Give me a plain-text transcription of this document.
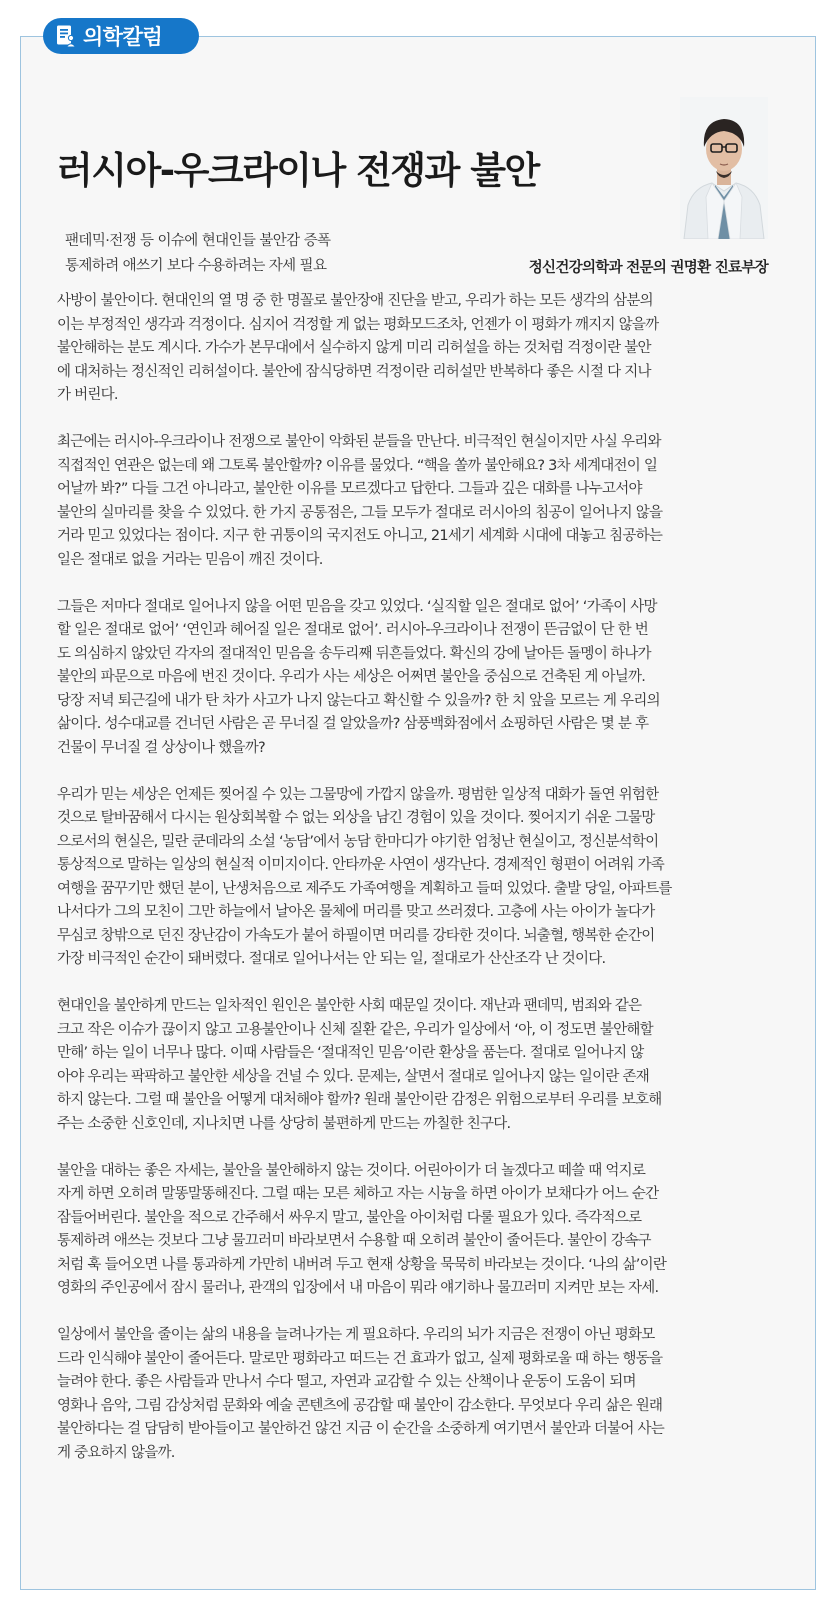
의학칼럼
러시아-우크라이나 전쟁과 불안
팬데믹·전쟁 등 이슈에 현대인들 불안감 증폭
통제하려 애쓰기 보다 수용하려는 자세 필요	정신건강의학과 전문의 권명환 진료부장

사방이 불안이다. 현대인의 열 명 중 한 명꼴로 불안장애 진단을 받고, 우리가 하는 모든 생각의 삼분의
이는 부정적인 생각과 걱정이다. 심지어 걱정할 게 없는 평화모드조차, 언젠가 이 평화가 깨지지 않을까
불안해하는 분도 계시다. 가수가 본무대에서 실수하지 않게 미리 리허설을 하는 것처럼 걱정이란 불안
에 대처하는 정신적인 리허설이다. 불안에 잠식당하면 걱정이란 리허설만 반복하다 좋은 시절 다 지나
가 버린다.

최근에는 러시아-우크라이나 전쟁으로 불안이 악화된 분들을 만난다. 비극적인 현실이지만 사실 우리와
직접적인 연관은 없는데 왜 그토록 불안할까? 이유를 물었다. “핵을 쏠까 불안해요? 3차 세계대전이 일
어날까 봐?” 다들 그건 아니라고, 불안한 이유를 모르겠다고 답한다. 그들과 깊은 대화를 나누고서야
불안의 실마리를 찾을 수 있었다. 한 가지 공통점은, 그들 모두가 절대로 러시아의 침공이 일어나지 않을
거라 믿고 있었다는 점이다. 지구 한 귀퉁이의 국지전도 아니고, 21세기 세계화 시대에 대놓고 침공하는
일은 절대로 없을 거라는 믿음이 깨진 것이다.

그들은 저마다 절대로 일어나지 않을 어떤 믿음을 갖고 있었다. ‘실직할 일은 절대로 없어’ ‘가족이 사망
할 일은 절대로 없어’ ‘연인과 헤어질 일은 절대로 없어’. 러시아-우크라이나 전쟁이 뜬금없이 단 한 번
도 의심하지 않았던 각자의 절대적인 믿음을 송두리째 뒤흔들었다. 확신의 강에 날아든 돌멩이 하나가
불안의 파문으로 마음에 번진 것이다. 우리가 사는 세상은 어쩌면 불안을 중심으로 건축된 게 아닐까.
당장 저녁 퇴근길에 내가 탄 차가 사고가 나지 않는다고 확신할 수 있을까? 한 치 앞을 모르는 게 우리의
삶이다. 성수대교를 건너던 사람은 곧 무너질 걸 알았을까? 삼풍백화점에서 쇼핑하던 사람은 몇 분 후
건물이 무너질 걸 상상이나 했을까?

우리가 믿는 세상은 언제든 찢어질 수 있는 그물망에 가깝지 않을까. 평범한 일상적 대화가 돌연 위험한
것으로 탈바꿈해서 다시는 원상회복할 수 없는 외상을 남긴 경험이 있을 것이다. 찢어지기 쉬운 그물망
으로서의 현실은, 밀란 쿤데라의 소설 ‘농담’에서 농담 한마디가 야기한 엄청난 현실이고, 정신분석학이
통상적으로 말하는 일상의 현실적 이미지이다. 안타까운 사연이 생각난다. 경제적인 형편이 어려워 가족
여행을 꿈꾸기만 했던 분이, 난생처음으로 제주도 가족여행을 계획하고 들떠 있었다. 출발 당일, 아파트를
나서다가 그의 모친이 그만 하늘에서 날아온 물체에 머리를 맞고 쓰러졌다. 고층에 사는 아이가 놀다가
무심코 창밖으로 던진 장난감이 가속도가 붙어 하필이면 머리를 강타한 것이다. 뇌출혈, 행복한 순간이
가장 비극적인 순간이 돼버렸다. 절대로 일어나서는 안 되는 일, 절대로가 산산조각 난 것이다.

현대인을 불안하게 만드는 일차적인 원인은 불안한 사회 때문일 것이다. 재난과 팬데믹, 범죄와 같은
크고 작은 이슈가 끊이지 않고 고용불안이나 신체 질환 같은, 우리가 일상에서 ‘아, 이 정도면 불안해할
만해’ 하는 일이 너무나 많다. 이때 사람들은 ‘절대적인 믿음’이란 환상을 품는다. 절대로 일어나지 않
아야 우리는 팍팍하고 불안한 세상을 건널 수 있다. 문제는, 살면서 절대로 일어나지 않는 일이란 존재
하지 않는다. 그럴 때 불안을 어떻게 대처해야 할까? 원래 불안이란 감정은 위험으로부터 우리를 보호해
주는 소중한 신호인데, 지나치면 나를 상당히 불편하게 만드는 까칠한 친구다.

불안을 대하는 좋은 자세는, 불안을 불안해하지 않는 것이다. 어린아이가 더 놀겠다고 떼쓸 때 억지로
자게 하면 오히려 말똥말똥해진다. 그럴 때는 모른 체하고 자는 시늉을 하면 아이가 보채다가 어느 순간
잠들어버린다. 불안을 적으로 간주해서 싸우지 말고, 불안을 아이처럼 다룰 필요가 있다. 즉각적으로
통제하려 애쓰는 것보다 그냥 물끄러미 바라보면서 수용할 때 오히려 불안이 줄어든다. 불안이 강속구
처럼 훅 들어오면 나를 통과하게 가만히 내버려 두고 현재 상황을 묵묵히 바라보는 것이다. ‘나의 삶’이란
영화의 주인공에서 잠시 물러나, 관객의 입장에서 내 마음이 뭐라 얘기하나 물끄러미 지켜만 보는 자세.

일상에서 불안을 줄이는 삶의 내용을 늘려나가는 게 필요하다. 우리의 뇌가 지금은 전쟁이 아닌 평화모
드라 인식해야 불안이 줄어든다. 말로만 평화라고 떠드는 건 효과가 없고, 실제 평화로울 때 하는 행동을
늘려야 한다. 좋은 사람들과 만나서 수다 떨고, 자연과 교감할 수 있는 산책이나 운동이 도움이 되며
영화나 음악, 그림 감상처럼 문화와 예술 콘텐츠에 공감할 때 불안이 감소한다. 무엇보다 우리 삶은 원래
불안하다는 걸 담담히 받아들이고 불안하건 않건 지금 이 순간을 소중하게 여기면서 불안과 더불어 사는
게 중요하지 않을까.
